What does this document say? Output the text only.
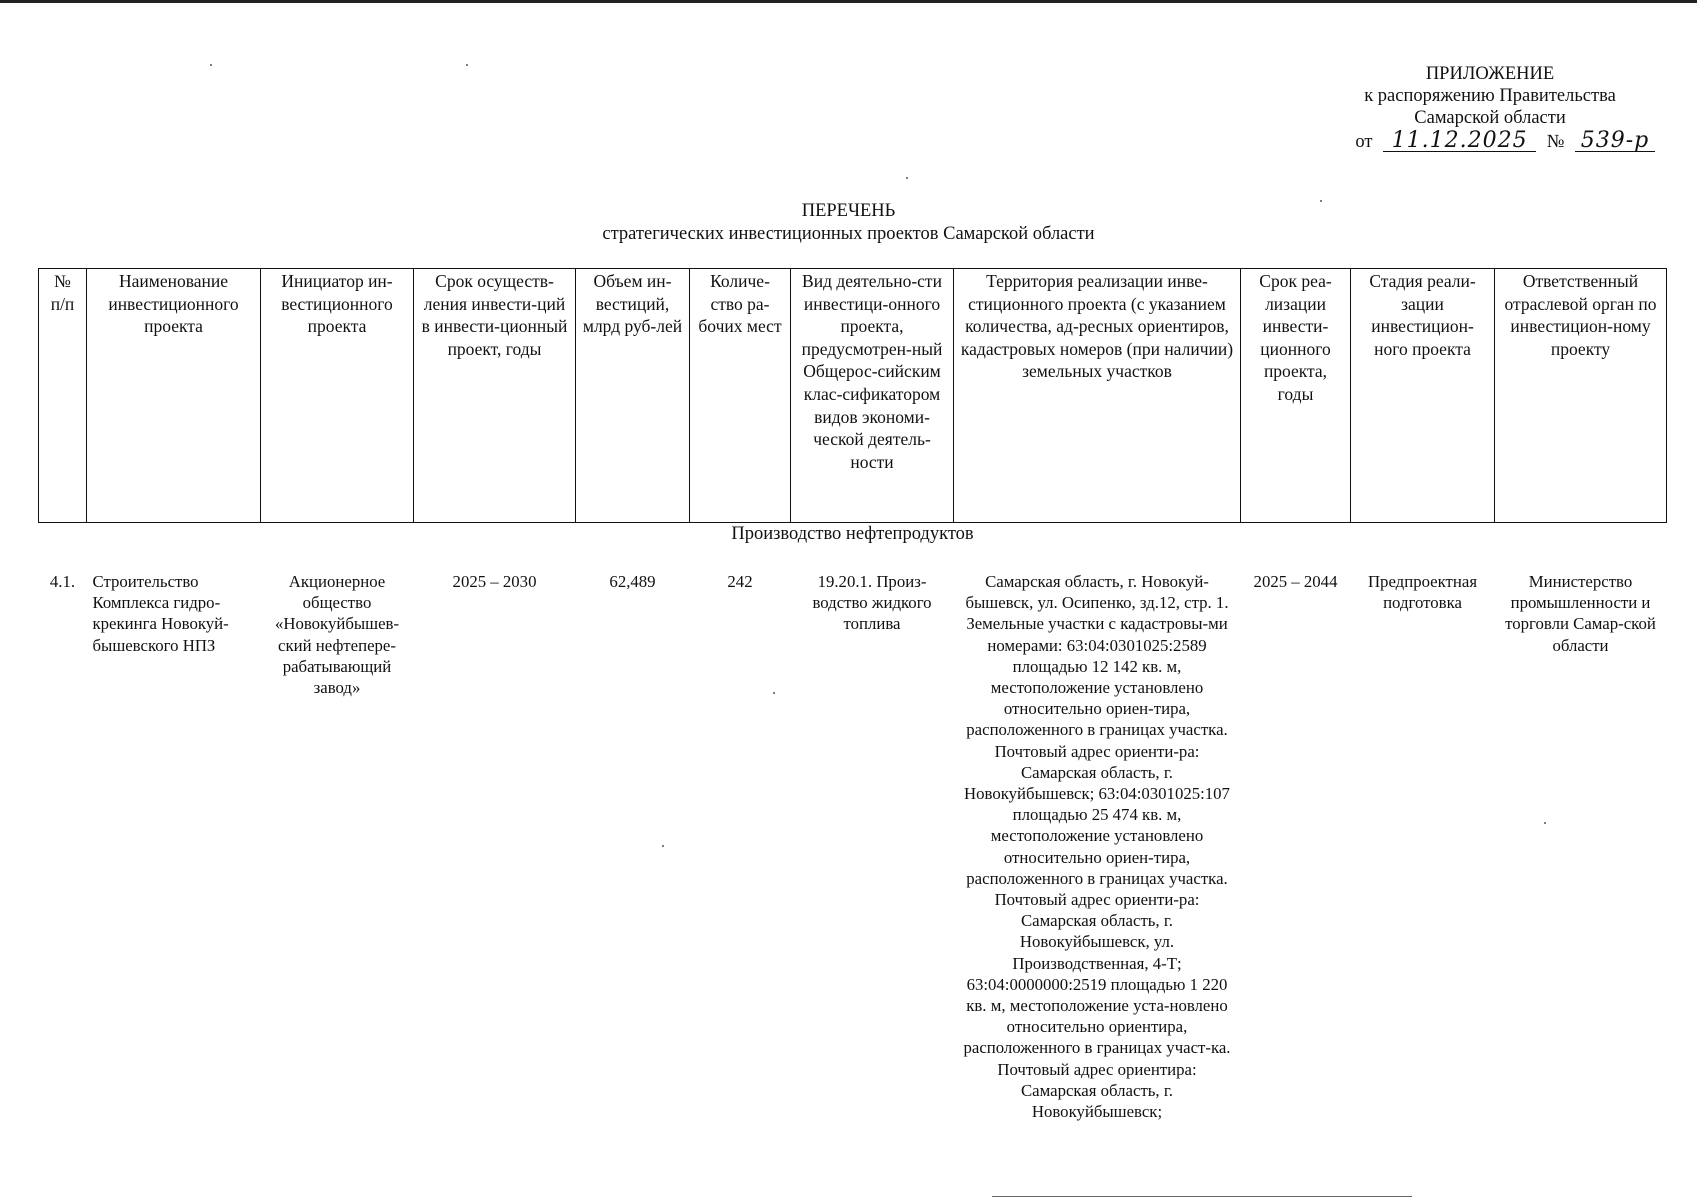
ПРИЛОЖЕНИЕ
к распоряжению Правительства
Самарской области
от 11.12.2025 № 539-р
ПЕРЕЧЕНЬ
стратегических инвестиционных проектов Самарской области
№ п/п	Наименование инвестиционного проекта	Инициатор ин-вестиционного проекта	Срок осуществ-ления инвести-ций в инвести-ционный проект, годы	Объем ин-вестиций, млрд руб-лей	Количе-ство ра-бочих мест	Вид деятельно-сти инвестици-онного проекта, предусмотрен-ный Общерос-сийским клас-сификатором видов экономи-ческой деятель-ности	Территория реализации инве-стиционного проекта (с указанием количества, ад-ресных ориентиров, кадастровых номеров (при наличии) земельных участков	Срок реа-лизации инвести-ционного проекта, годы	Стадия реали-зации инвестицион-ного проекта	Ответственный отраслевой орган по инвестицион-ному проекту
Производство нефтепродуктов										
4.1.	Строительство Комплекса гидро-крекинга Новокуй-бышевского НПЗ	Акционерное общество «Новокуйбышев-ский нефтепере-рабатывающий завод»	2025 – 2030	62,489	242	19.20.1. Произ-водство жидкого топлива	Самарская область, г. Новокуй-бышевск, ул. Осипенко, зд.12, стр. 1. Земельные участки с кадастровы-ми номерами: 63:04:0301025:2589 площадью 12 142 кв. м, местоположение установлено относительно ориен-тира, расположенного в границах участка. Почтовый адрес ориенти-ра: Самарская область, г. Новокуйбышевск; 63:04:0301025:107 площадью 25 474 кв. м, местоположение установлено относительно ориен-тира, расположенного в границах участка. Почтовый адрес ориенти-ра: Самарская область, г. Новокуйбышевск, ул. Производственная, 4-Т; 63:04:0000000:2519 площадью 1 220 кв. м, местоположение уста-новлено относительно ориентира, расположенного в границах участ-ка. Почтовый адрес ориентира: Самарская область, г. Новокуйбышевск;	2025 – 2044	Предпроектная подготовка	Министерство промышленности и торговли Самар-ской области
